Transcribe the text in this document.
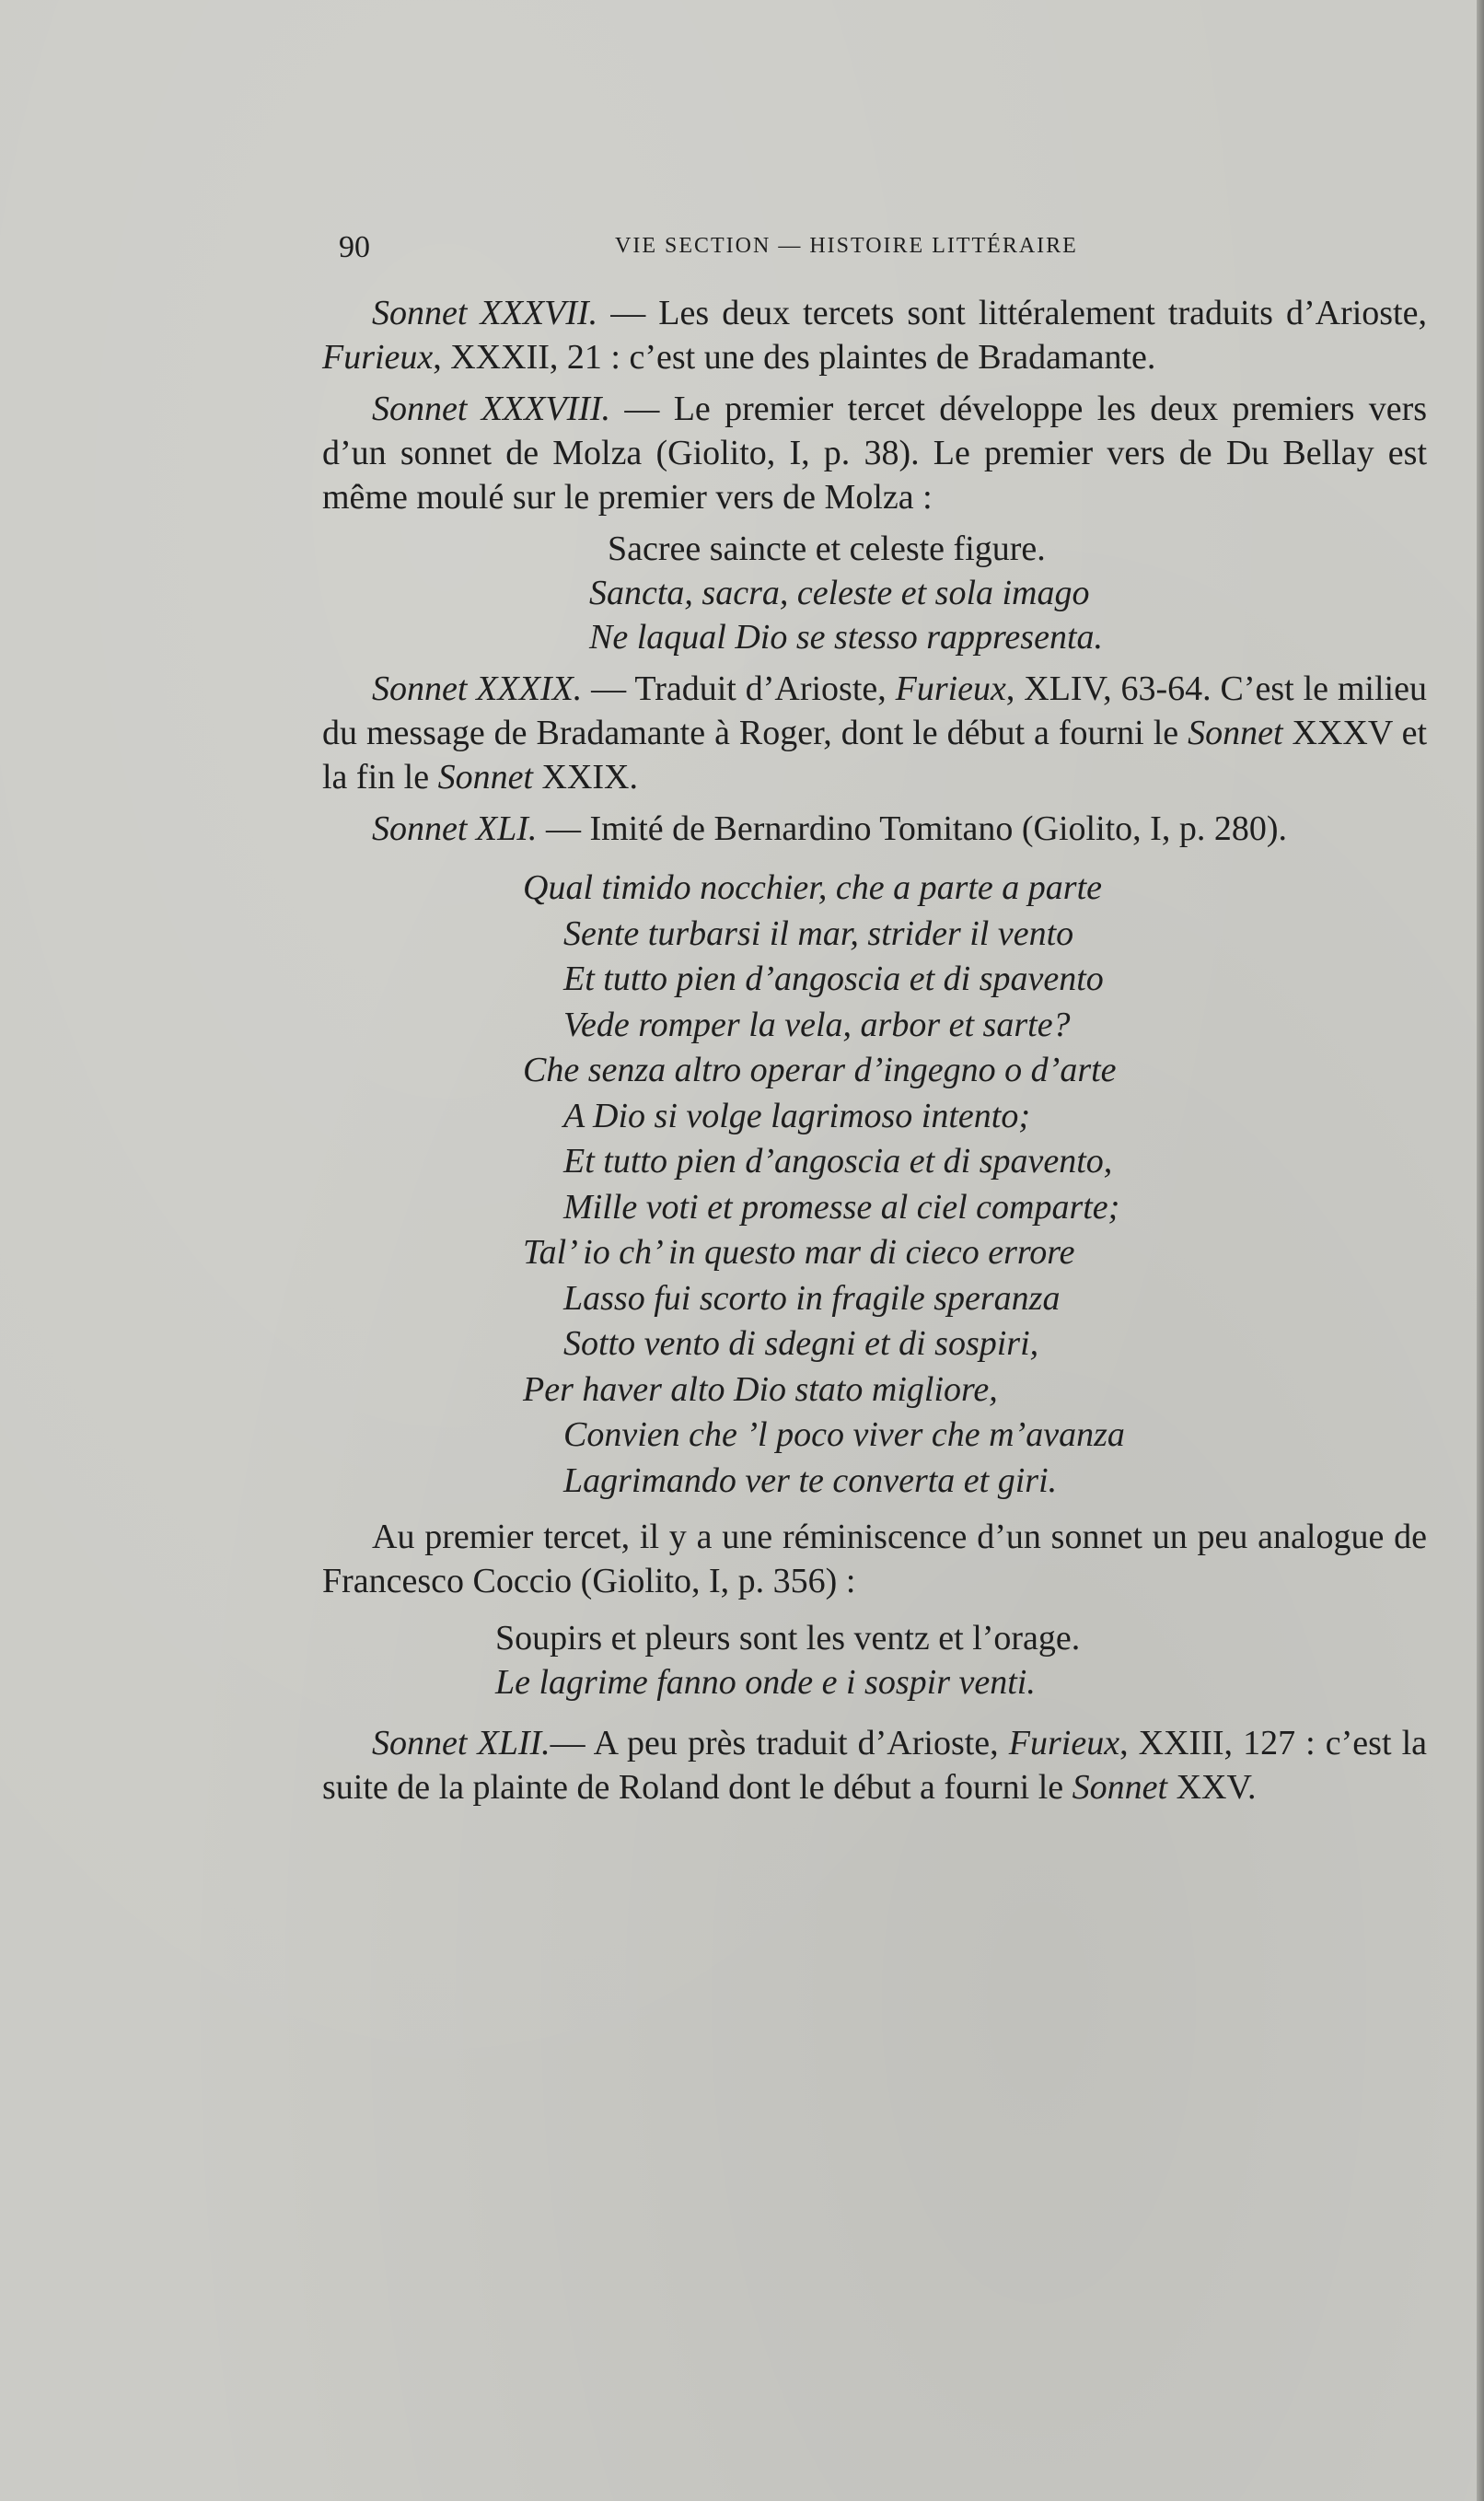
90	VIE SECTION — HISTOIRE LITTÉRAIRE

Sonnet XXXVII. — Les deux tercets sont littéralement traduits d’Arioste, Furieux, XXXII, 21 : c’est une des plaintes de Bradamante.

Sonnet XXXVIII. — Le premier tercet développe les deux premiers vers d’un sonnet de Molza (Giolito, I, p. 38). Le premier vers de Du Bellay est même moulé sur le premier vers de Molza :

Sacree saincte et celeste figure.
Sancta, sacra, celeste et sola imago
Ne laqual Dio se stesso rappresenta.

Sonnet XXXIX. — Traduit d’Arioste, Furieux, XLIV, 63-64. C’est le milieu du message de Bradamante à Roger, dont le début a fourni le Sonnet XXXV et la fin le Sonnet XXIX.

Sonnet XLI. — Imité de Bernardino Tomitano (Giolito, I, p. 280).

Qual timido nocchier, che a parte a parte
Sente turbarsi il mar, strider il vento
Et tutto pien d’angoscia et di spavento
Vede romper la vela, arbor et sarte?
Che senza altro operar d’ingegno o d’arte
A Dio si volge lagrimoso intento;
Et tutto pien d’angoscia et di spavento,
Mille voti et promesse al ciel comparte;
Tal’ io ch’ in questo mar di cieco errore
Lasso fui scorto in fragile speranza
Sotto vento di sdegni et di sospiri,
Per haver alto Dio stato migliore,
Convien che ’l poco viver che m’avanza
Lagrimando ver te converta et giri.

Au premier tercet, il y a une réminiscence d’un sonnet un peu analogue de Francesco Coccio (Giolito, I, p. 356) :

Soupirs et pleurs sont les ventz et l’orage.
Le lagrime fanno onde e i sospir venti.

Sonnet XLII.— A peu près traduit d’Arioste, Furieux, XXIII, 127 : c’est la suite de la plainte de Roland dont le début a fourni le Sonnet XXV.
